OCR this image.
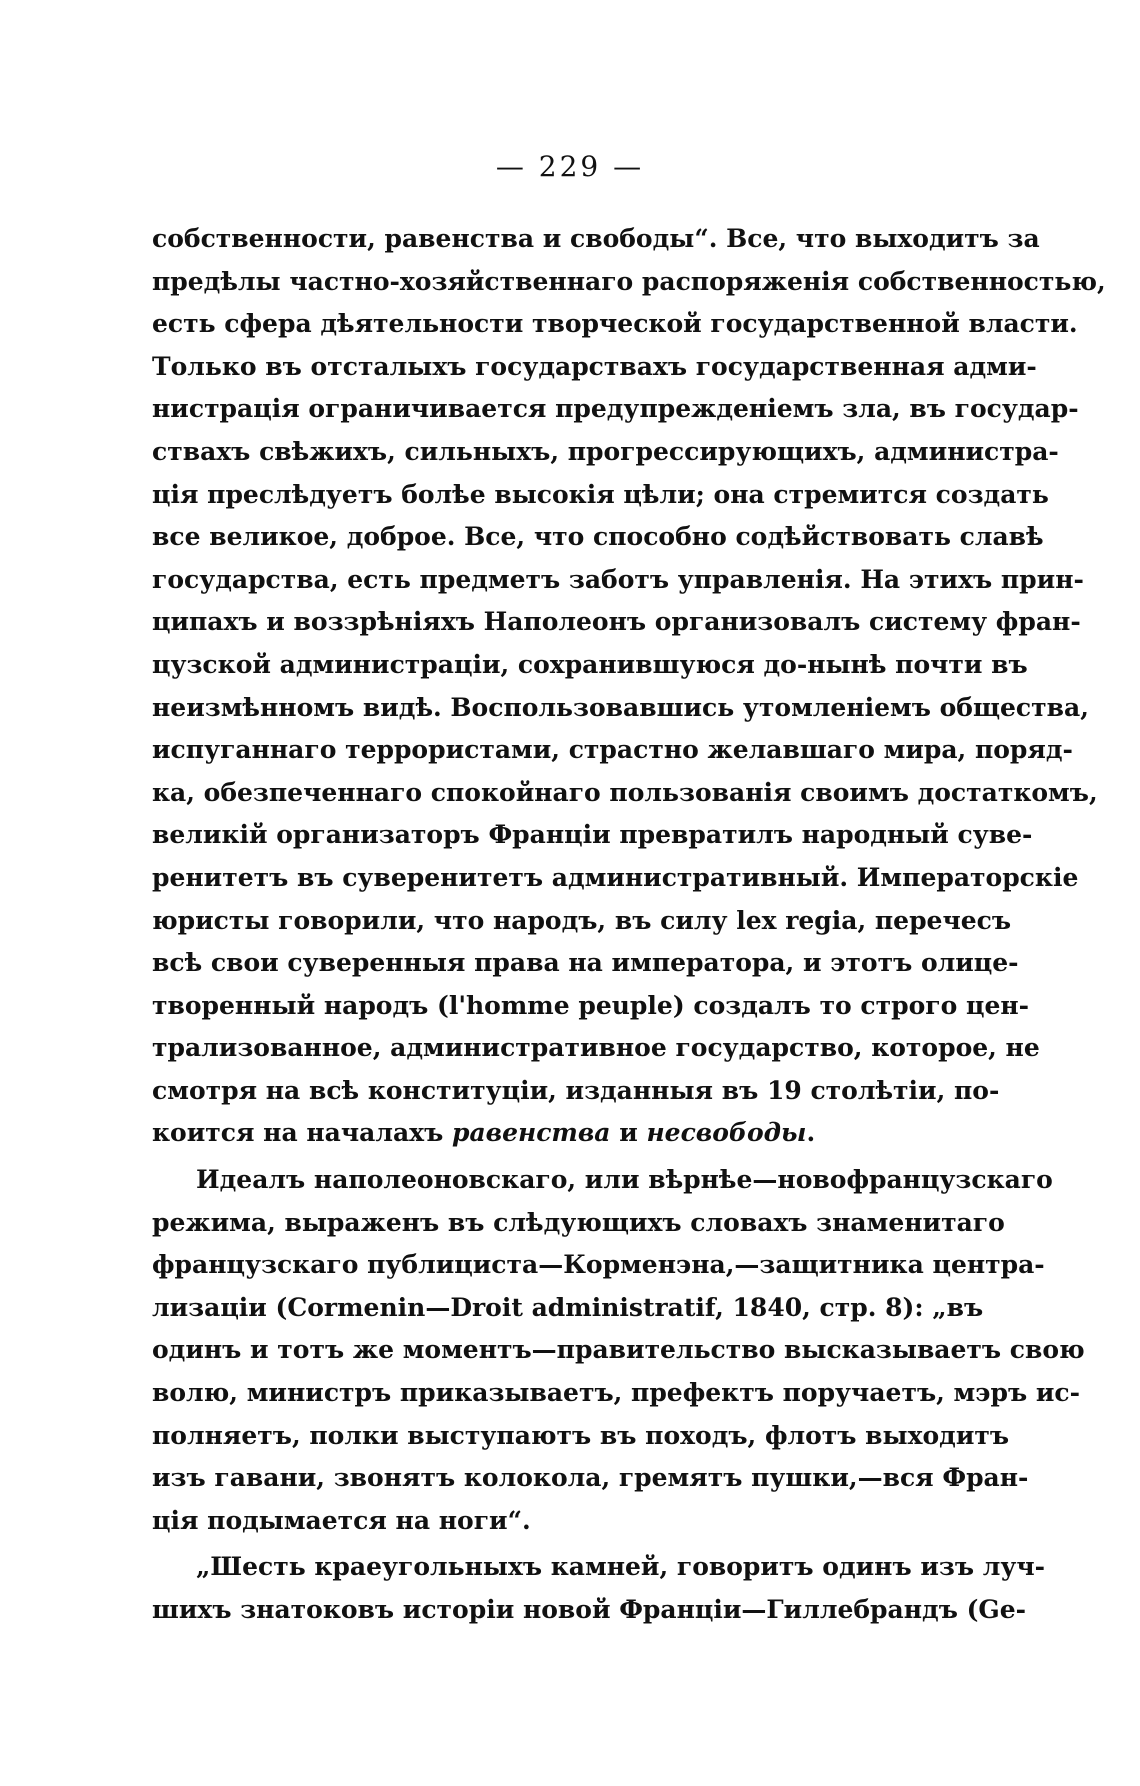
— 229 —
собственности, равенства и свободы“. Все, что выходитъ за
предѣлы частно-хозяйственнаго распоряженія собственностью,
есть сфера дѣятельности творческой государственной власти.
Только въ отсталыхъ государствахъ государственная адми-
нистрація ограничивается предупрежденіемъ зла, въ государ-
ствахъ свѣжихъ, сильныхъ, прогрессирующихъ, администра-
ція преслѣдуетъ болѣе высокія цѣли; она стремится создать
все великое, доброе. Все, что способно содѣйствовать славѣ
государства, есть предметъ заботъ управленія. На этихъ прин-
ципахъ и воззрѣніяхъ Наполеонъ организовалъ систему фран-
цузской администраціи, сохранившуюся до-нынѣ почти въ
неизмѣнномъ видѣ. Воспользовавшись утомленіемъ общества,
испуганнаго террористами, страстно желавшаго мира, поряд-
ка, обезпеченнаго спокойнаго пользованія своимъ достаткомъ,
великій организаторъ Франціи превратилъ народный суве-
ренитетъ въ суверенитетъ административный. Императорскіе
юристы говорили, что народъ, въ силу lex regia, перечесъ
всѣ свои суверенныя права на императора, и этотъ олице-
творенный народъ (l'homme peuple) создалъ то строго цен-
трализованное, административное государство, которое, не
смотря на всѣ конституціи, изданныя въ 19 столѣтіи, по-
коится на началахъ равенства и несвободы.
Идеалъ наполеоновскаго, или вѣрнѣе—новофранцузскаго
режима, выраженъ въ слѣдующихъ словахъ знаменитаго
французскаго публициста—Корменэна,—защитника центра-
лизаціи (Cormenin—Droit administratif, 1840, стр. 8): „въ
одинъ и тотъ же моментъ—правительство высказываетъ свою
волю, министръ приказываетъ, префектъ поручаетъ, мэръ ис-
полняетъ, полки выступаютъ въ походъ, флотъ выходитъ
изъ гавани, звонятъ колокола, гремятъ пушки,—вся Фран-
ція подымается на ноги“.
„Шесть краеугольныхъ камней, говоритъ одинъ изъ луч-
шихъ знатоковъ исторіи новой Франціи—Гиллебрандъ (Ge-
